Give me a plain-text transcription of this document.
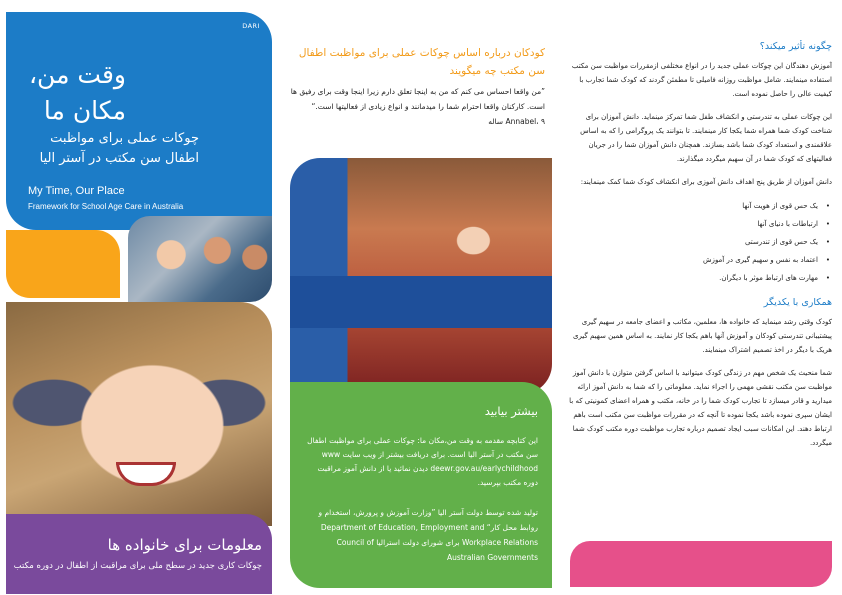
DARI
وقت من،
مکان ما
چوکات عملی برای مواظبت
اطفال سن مکتب در آستر الیا
My Time, Our Place
Framework for School Age Care in Australia
معلومات برای خانواده ها
چوکات کاری جدید در سطح ملی برای مراقبت از اطفال در دوره مکتب
کودکان درباره اساس چوکات عملی برای مواظبت اطفال سن مکتب چه میگویند
”من واقعا احساس می کنم که من به اینجا تعلق دارم زیرا اینجا وقت برای رفیق ها است. کارکنان واقعا احترام شما را میدمانند و انواع زیادی از فعالیتها است.“ Annabel، ۹ ساله
بیشتر بیابید
این کتابچه مقدمه به وقت من،مکان ما: چوکات عملی برای مواظبت اطفال سن مکتب در آستر الیا است. برای دریافت بیشتر از ویب سایت www deewr.gov.au/earlychildhood دیدن نمائید یا از دانش آموز مراقبت دوره مکتب بپرسید.
تولید شده توسط دولت آستر الیا ”وزارت آموزش و پرورش، استخدام و روابط محل کار“ Department of Education, Employment and Workplace Relations برای شورای دولت استرالیا Council of Australian Governments
چگونه تأثیر میکند؟
آموزش دهندگان این چوکات عملی جدید را در انواع مختلفی ازمقررات مواظبت سن مکتب استفاده مینمایند. شامل مواظبت روزانه فامیلی تا مطمئن گردند که کودک شما تجارب با کیفیت عالی را حاصل نموده است.
این چوکات عملی به تندرستی و انکشاف طفل شما تمرکز مینماید. دانش آموزان برای شناخت کودک شما همراه شما یکجا کار مینمایند. تا بتوانند یک پروگرامی را که به اساس علاقمندی و استعداد کودک شما باشد بسازند. همچنان دانش آموزان شما را در جریان فعالیتهای که کودک شما در آن سهیم میگردد میگذارند.
دانش آموزان از طریق پنج اهداف دانش آموزی برای انکشاف کودک شما کمک مینمایند:
• یک حس قوی از هویت آنها
• ارتباطات با دنیای آنها
• یک حس قوی از تندرستی
• اعتماد به نفس و سهیم گیری در آموزش
• مهارت های ارتباط موثر با دیگران.
همکاری با یکدیگر
کودک وقتی رشد مینماید که خانواده ها، معلمین، مکاتب و اعضای جامعه در سهیم گیری پیشتیبانی تندرستی کودکان و آموزش آنها باهم یکجا کار نمایند. به اساس همین سهیم گیری هریک با دیگر در اخذ تصمیم اشتراک مینمایند.
شما منحیث یک شخص مهم در زندگی کودک میتوانید با اساس گرفتن متوازن با دانش آموز مواظبت سن مکتب نقشی مهمی را اجراء نماید. معلوماتی را که شما به دانش آموز ارائه میدارید و قادر میسازد تا تجارب کودک شما را در خانه، مکتب و همراه اعضای کمونیتی که با ایشان سپری نموده باشد یکجا نموده تا آنچه که در مقررات مواظبت سن مکتب است باهم ارتباط دهند. این امکانات سبب ایجاد تصمیم درباره تجارب مواظبت دوره مکتب کودک شما میگردد.
